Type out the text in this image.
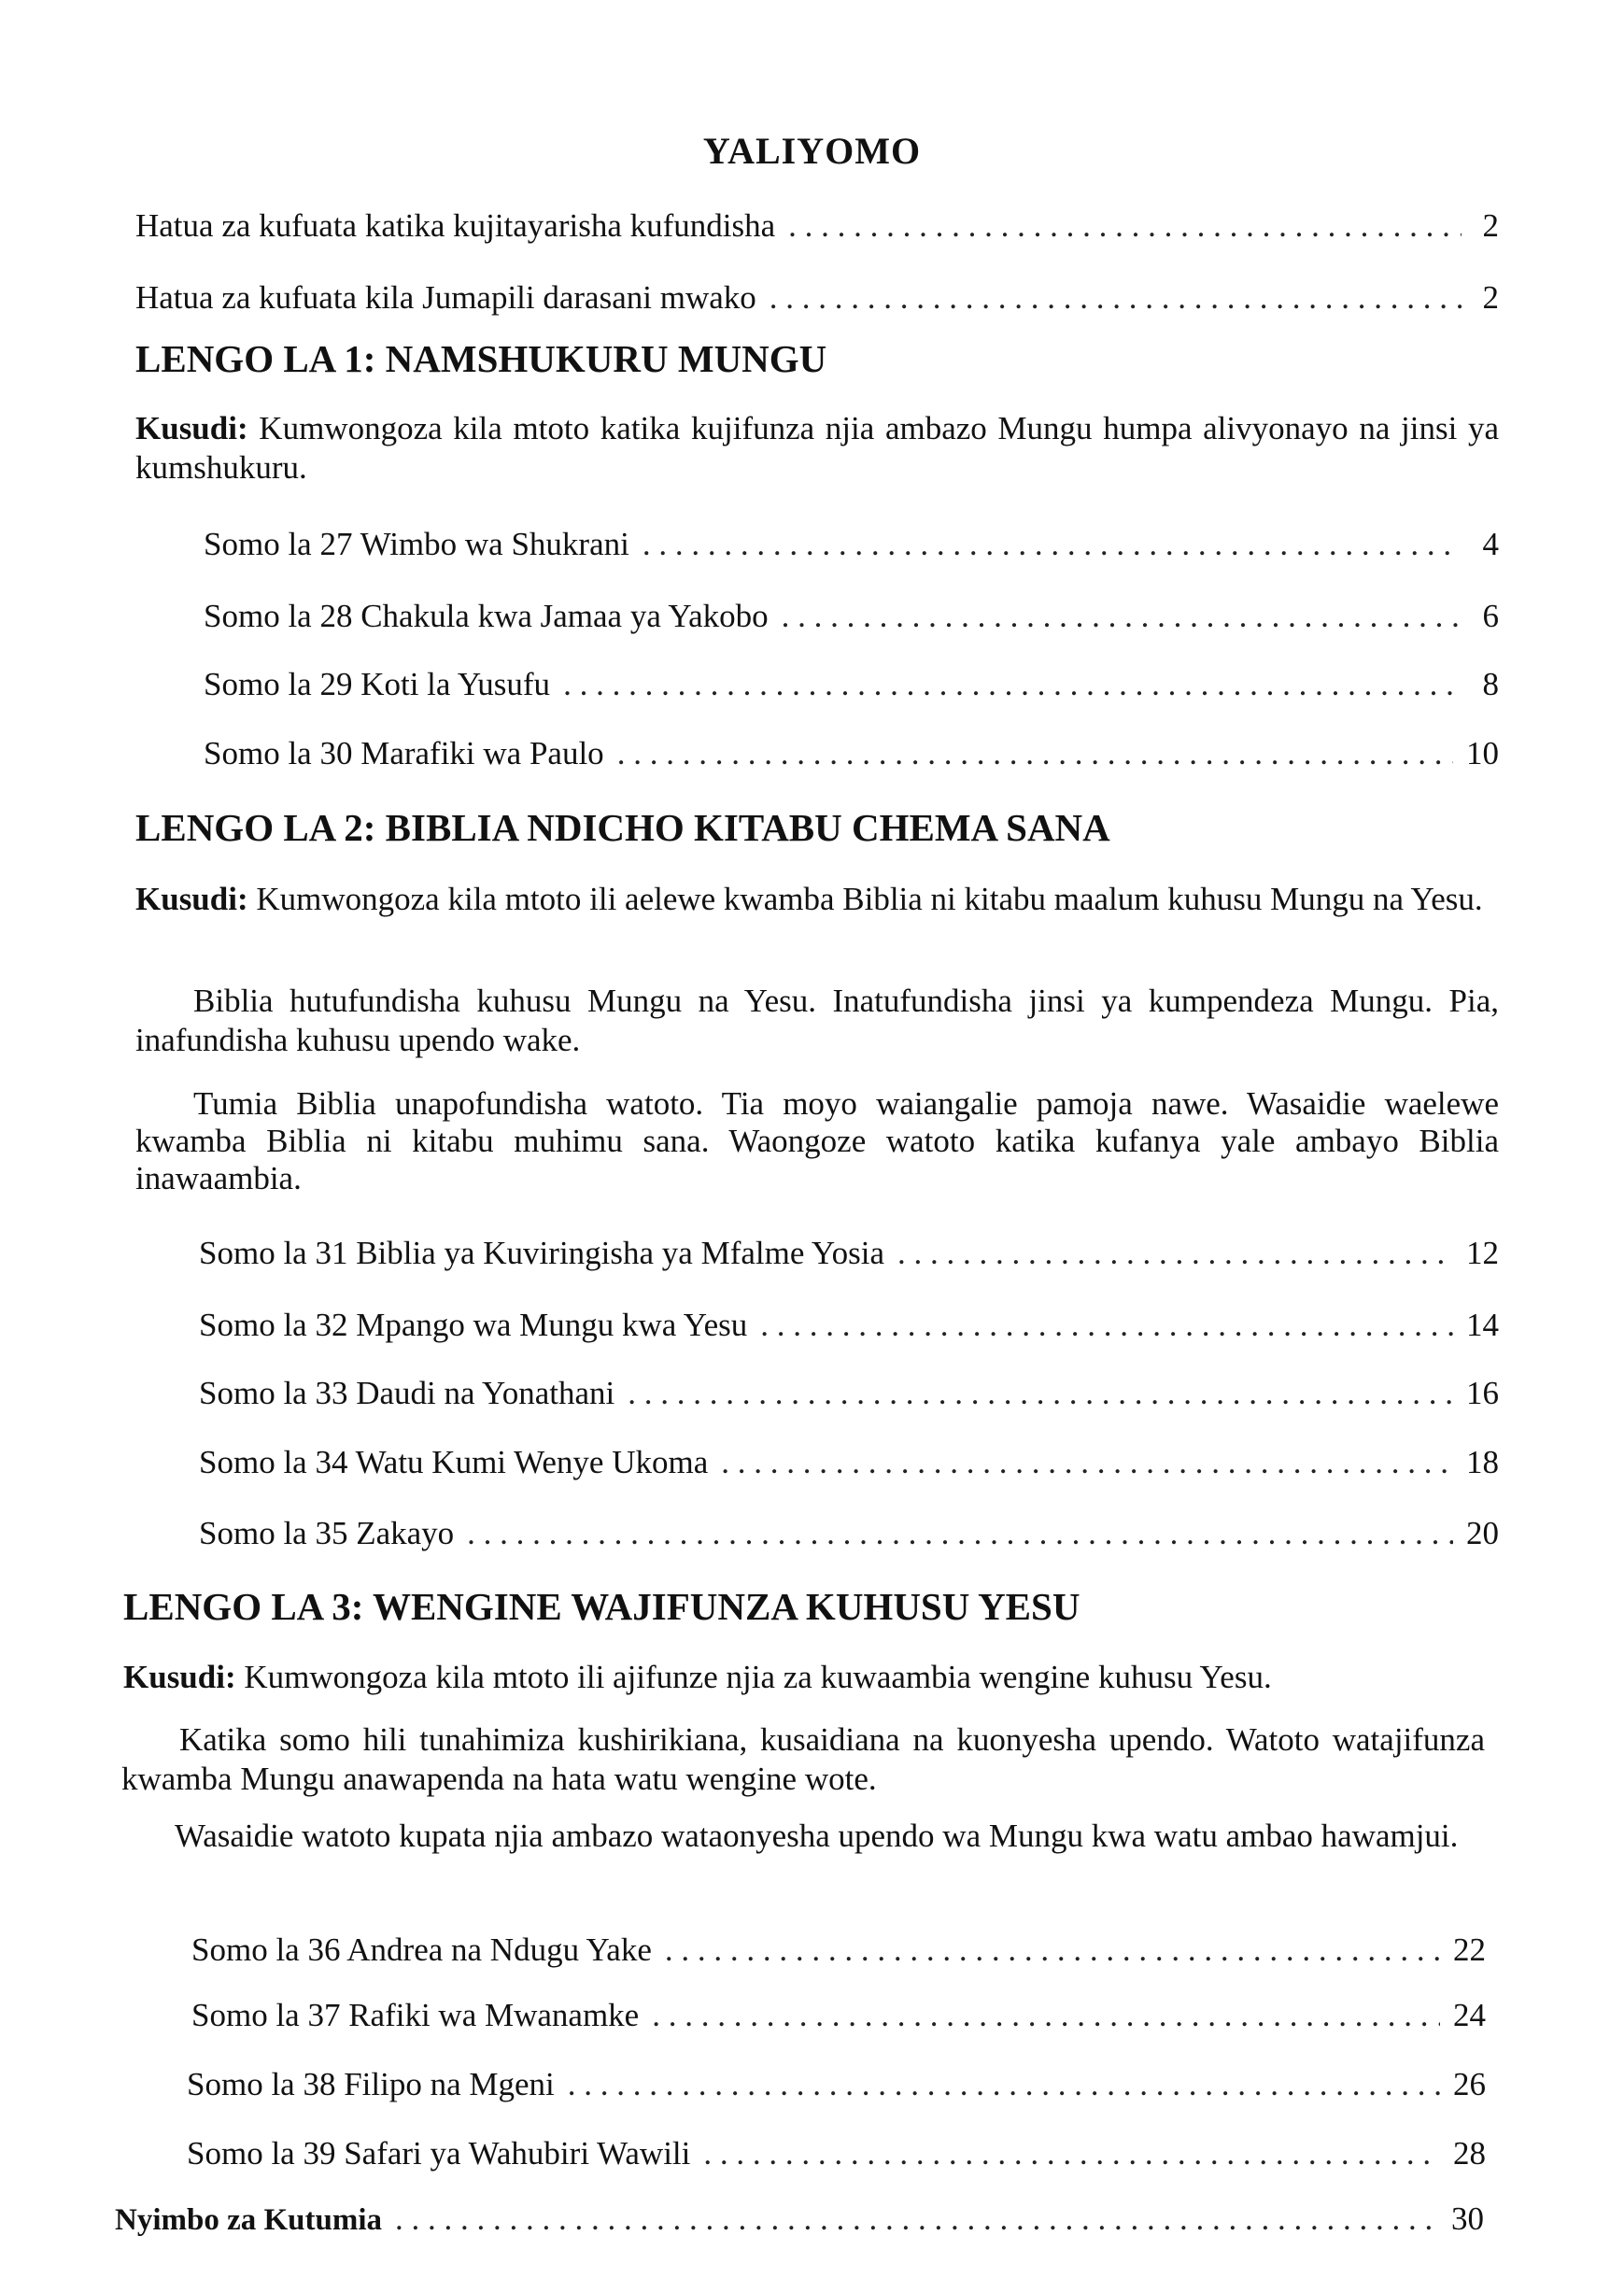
YALIYOMO
Hatua za kufuata katika kujitayarisha kufundisha . . .	2
Hatua za kufuata kila Jumapili darasani mwako . . .	2
LENGO LA 1: NAMSHUKURU MUNGU
Kusudi: Kumwongoza kila mtoto katika kujifunza njia ambazo Mungu humpa alivyonayo na jinsi ya kumshukuru.
Somo la 27 Wimbo wa Shukrani . . .	4
Somo la 28 Chakula kwa Jamaa ya Yakobo . . .	6
Somo la 29 Koti la Yusufu . . .	8
Somo la 30 Marafiki wa Paulo . . .	10
LENGO LA 2: BIBLIA NDICHO KITABU CHEMA SANA
Kusudi: Kumwongoza kila mtoto ili aelewe kwamba Biblia ni kitabu maalum kuhusu Mungu na Yesu.
Biblia hutufundisha kuhusu Mungu na Yesu. Inatufundisha jinsi ya kumpendeza Mungu. Pia, inafundisha kuhusu upendo wake.
Tumia Biblia unapofundisha watoto. Tia moyo waiangalie pamoja nawe. Wasaidie waelewe kwamba Biblia ni kitabu muhimu sana. Waongoze watoto katika kufanya yale ambayo Biblia inawaambia.
Somo la 31 Biblia ya Kuviringisha ya Mfalme Yosia . . .	12
Somo la 32 Mpango wa Mungu kwa Yesu . . .	14
Somo la 33 Daudi na Yonathani . . .	16
Somo la 34 Watu Kumi Wenye Ukoma . . .	18
Somo la 35 Zakayo . . .	20
LENGO LA 3: WENGINE WAJIFUNZA KUHUSU YESU
Kusudi: Kumwongoza kila mtoto ili ajifunze njia za kuwaambia wengine kuhusu Yesu.
Katika somo hili tunahimiza kushirikiana, kusaidiana na kuonyesha upendo. Watoto watajifunza kwamba Mungu anawapenda na hata watu wengine wote.
Wasaidie watoto kupata njia ambazo wataonyesha upendo wa Mungu kwa watu ambao hawamjui.
Somo la 36 Andrea na Ndugu Yake . . .	22
Somo la 37 Rafiki wa Mwanamke . . .	24
Somo la 38 Filipo na Mgeni . . .	26
Somo la 39 Safari ya Wahubiri Wawili . . .	28
Nyimbo za Kutumia . . .	30
